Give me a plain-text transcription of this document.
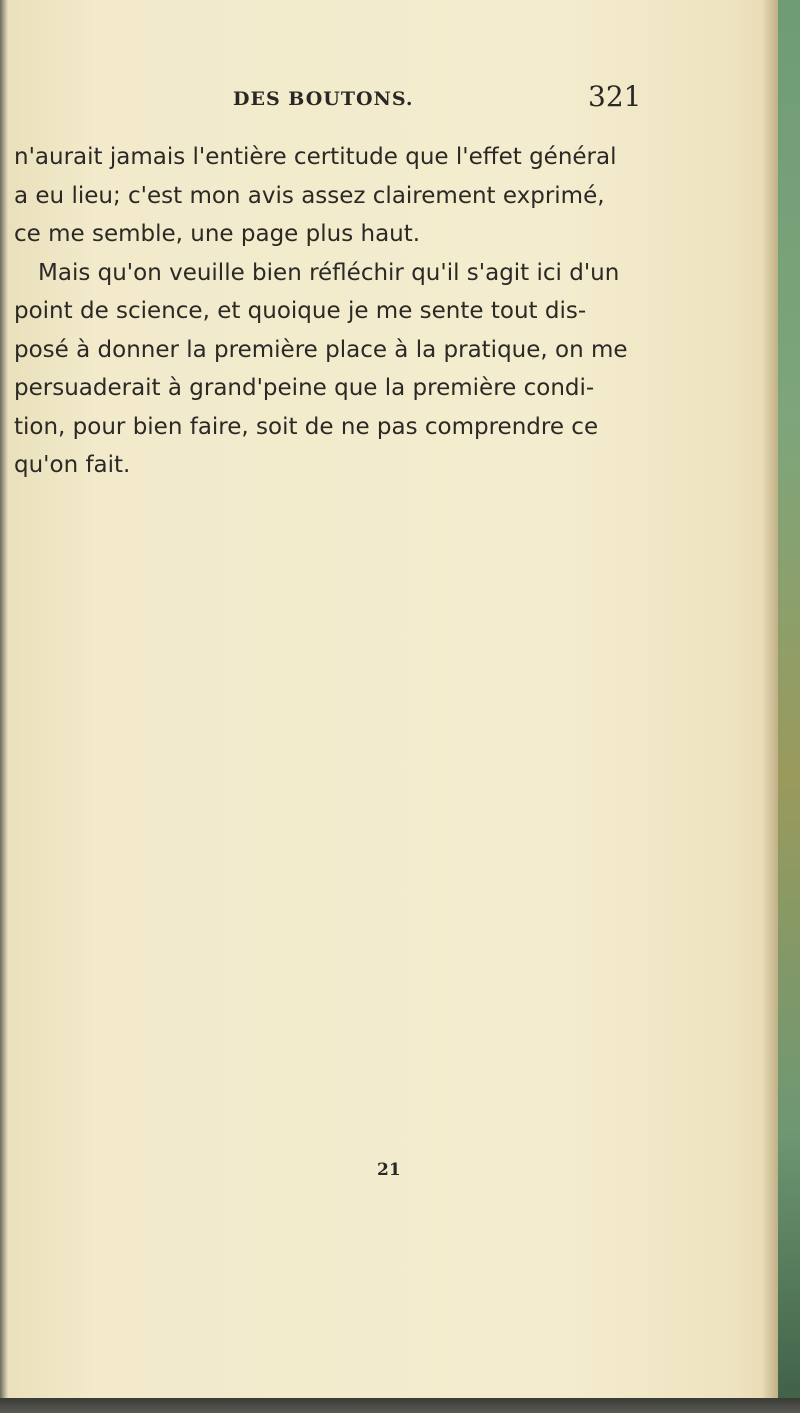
DES BOUTONS.	321

n'aurait jamais l'entière certitude que l'effet général
a eu lieu; c'est mon avis assez clairement exprimé,
ce me semble, une page plus haut.
Mais qu'on veuille bien réfléchir qu'il s'agit ici d'un
point de science, et quoique je me sente tout dis-
posé à donner la première place à la pratique, on me
persuaderait à grand'peine que la première condi-
tion, pour bien faire, soit de ne pas comprendre ce
qu'on fait.

21
